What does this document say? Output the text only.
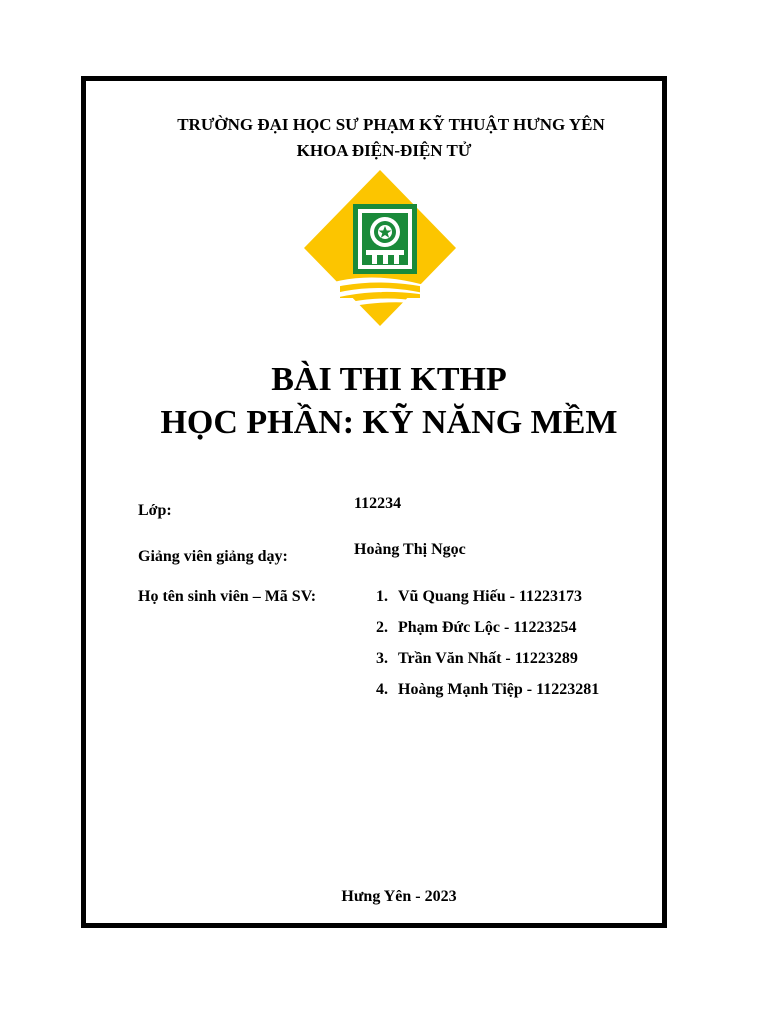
TRƯỜNG ĐẠI HỌC SƯ PHẠM KỸ THUẬT HƯNG YÊN
KHOA ĐIỆN-ĐIỆN TỬ
BÀI THI KTHP
HỌC PHẦN: KỸ NĂNG MỀM
Lớp:	112234
Giảng viên giảng dạy:	Hoàng Thị Ngọc
Họ tên sinh viên – Mã SV:	1. Vũ Quang Hiếu - 11223173
2. Phạm Đức Lộc - 11223254
3. Trần Văn Nhất - 11223289
4. Hoàng Mạnh Tiệp - 11223281
Hưng Yên - 2023
